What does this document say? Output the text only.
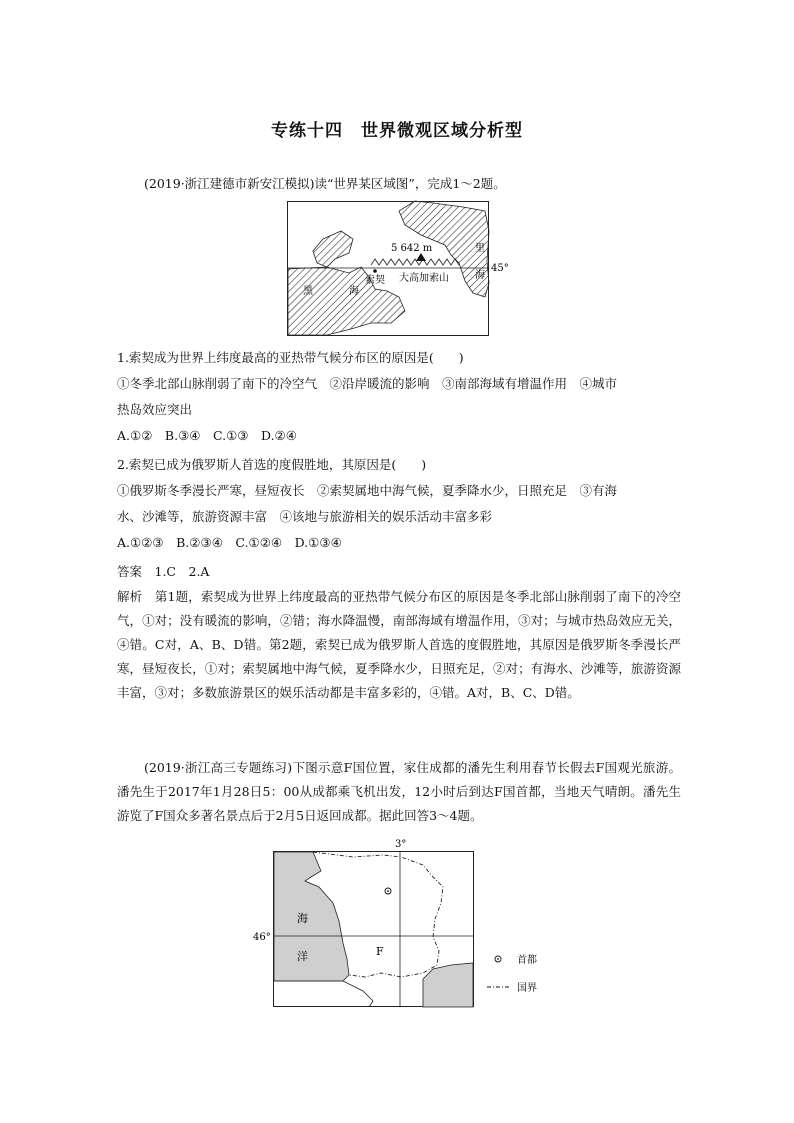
专练十四　世界微观区域分析型
(2019·浙江建德市新安江模拟)读“世界某区域图”，完成1～2题。
5 642 m
黑	海
里
海
索契 大高加索山
45°
1.索契成为世界上纬度最高的亚热带气候分布区的原因是(　　)
①冬季北部山脉削弱了南下的冷空气　②沿岸暖流的影响　③南部海域有增温作用　④城市
热岛效应突出
A.①②　B.③④　C.①③　D.②④
2.索契已成为俄罗斯人首选的度假胜地，其原因是(　　)
①俄罗斯冬季漫长严寒，昼短夜长　②索契属地中海气候，夏季降水少，日照充足　③有海
水、沙滩等，旅游资源丰富　④该地与旅游相关的娱乐活动丰富多彩
A.①②③　B.②③④　C.①②④　D.①③④
答案　1.C　2.A
解析　第1题，索契成为世界上纬度最高的亚热带气候分布区的原因是冬季北部山脉削弱了南下的冷空气，①对；没有暖流的影响，②错；海水降温慢，南部海域有增温作用，③对；与城市热岛效应无关，④错。C对，A、B、D错。第2题，索契已成为俄罗斯人首选的度假胜地，其原因是俄罗斯冬季漫长严寒，昼短夜长，①对；索契属地中海气候，夏季降水少，日照充足，②对；有海水、沙滩等，旅游资源丰富，③对；多数旅游景区的娱乐活动都是丰富多彩的，④错。A对，B、C、D错。
(2019·浙江高三专题练习)下图示意F国位置，家住成都的潘先生利用春节长假去F国观光旅游。潘先生于2017年1月28日5：00从成都乘飞机出发，12小时后到达F国首都，当地天气晴朗。潘先生游览了F国众多著名景点后于2月5日返回成都。据此回答3～4题。
3°
46°
海
洋	F
首都
国界
